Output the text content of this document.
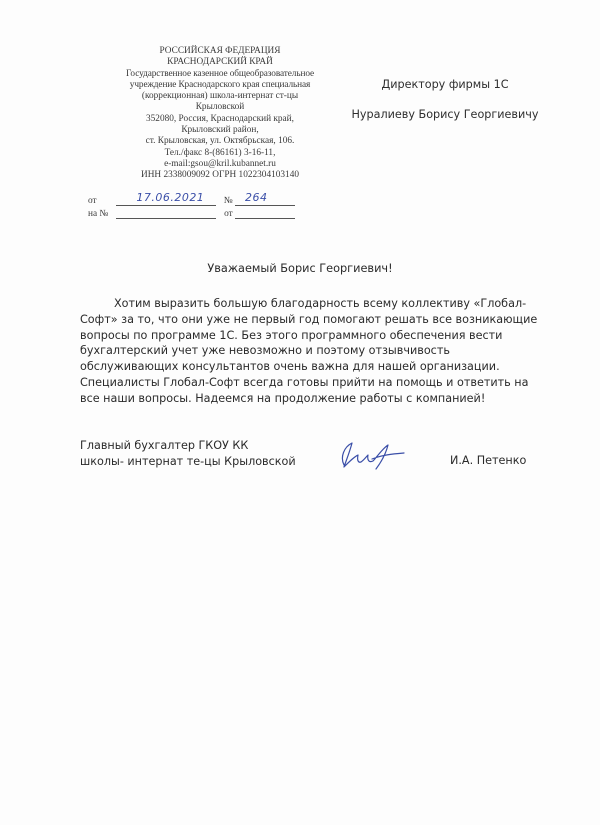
РОССИЙСКАЯ ФЕДЕРАЦИЯ
КРАСНОДАРСКИЙ КРАЙ
Государственное казенное общеобразовательное
учреждение Краснодарского края специальная
(коррекционная) школа-интернат ст-цы
Крыловской
352080, Россия, Краснодарский край,
Крыловский район,
ст. Крыловская, ул. Октябрьская, 106.
Тел./факс 8-(86161) 3-16-11,
e-mail:gsou@kril.kubannet.ru
ИНН 2338009092 ОГРН 1022304103140
от	17.06.2021 № 264
на №	от
Директору фирмы 1С
Нуралиеву Борису Георгиевичу
Уважаемый Борис Георгиевич!
Хотим выразить большую благодарность всему коллективу «Глобал-
Софт» за то, что они уже не первый год помогают решать все возникающие
вопросы по программе 1С. Без этого программного обеспечения вести
бухгалтерский учет уже невозможно и поэтому отзывчивость
обслуживающих консультантов очень важна для нашей организации.
Специалисты Глобал-Софт всегда готовы прийти на помощь и ответить на
все наши вопросы. Надеемся на продолжение работы с компанией!
Главный бухгалтер ГКОУ КК
школы- интернат те-цы Крыловской	И.А. Петенко
